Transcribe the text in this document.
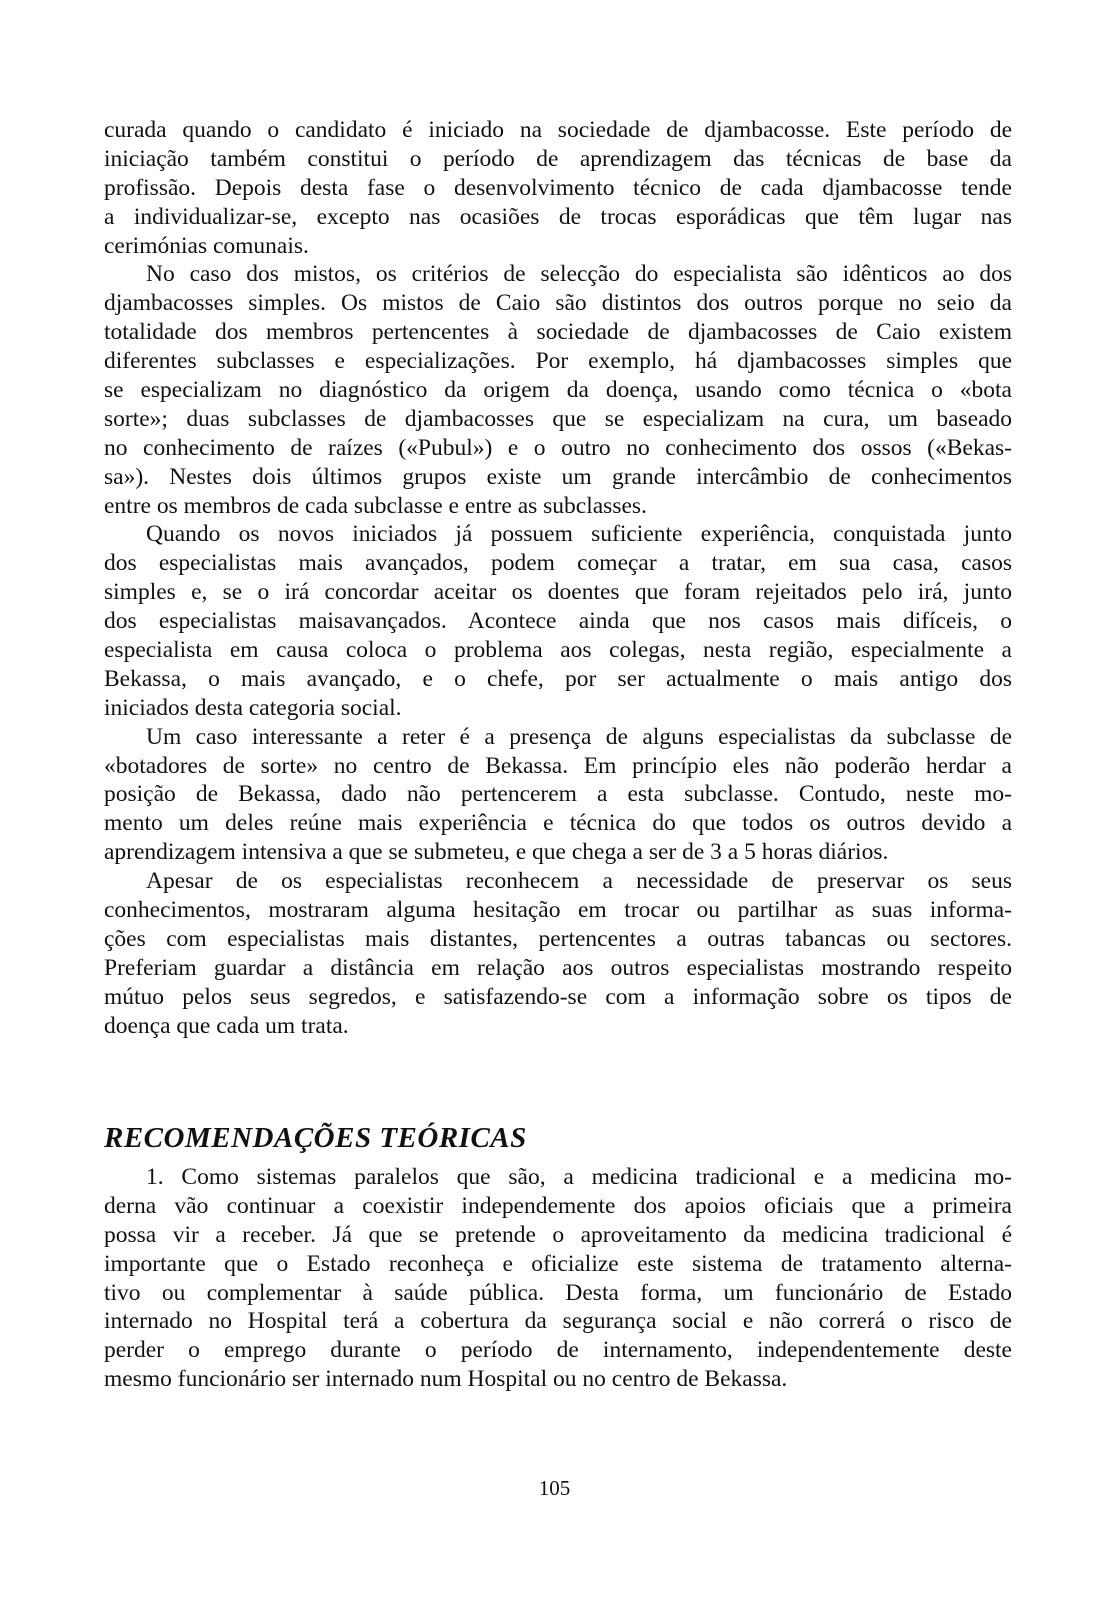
curada quando o candidato é iniciado na sociedade de djambacosse. Este período de
iniciação também constitui o período de aprendizagem das técnicas de base da
profissão. Depois desta fase o desenvolvimento técnico de cada djambacosse tende
a individualizar-se, excepto nas ocasiões de trocas esporádicas que têm lugar nas
cerimónias comunais.
No caso dos mistos, os critérios de selecção do especialista são idênticos ao dos
djambacosses simples. Os mistos de Caio são distintos dos outros porque no seio da
totalidade dos membros pertencentes à sociedade de djambacosses de Caio existem
diferentes subclasses e especializações. Por exemplo, há djambacosses simples que
se especializam no diagnóstico da origem da doença, usando como técnica o «bota
sorte»; duas subclasses de djambacosses que se especializam na cura, um baseado
no conhecimento de raízes («Pubul») e o outro no conhecimento dos ossos («Bekas-
sa»). Nestes dois últimos grupos existe um grande intercâmbio de conhecimentos
entre os membros de cada subclasse e entre as subclasses.
Quando os novos iniciados já possuem suficiente experiência, conquistada junto
dos especialistas mais avançados, podem começar a tratar, em sua casa, casos
simples e, se o irá concordar aceitar os doentes que foram rejeitados pelo irá, junto
dos especialistas maisavançados. Acontece ainda que nos casos mais difíceis, o
especialista em causa coloca o problema aos colegas, nesta região, especialmente a
Bekassa, o mais avançado, e o chefe, por ser actualmente o mais antigo dos
iniciados desta categoria social.
Um caso interessante a reter é a presença de alguns especialistas da subclasse de
«botadores de sorte» no centro de Bekassa. Em princípio eles não poderão herdar a
posição de Bekassa, dado não pertencerem a esta subclasse. Contudo, neste mo-
mento um deles reúne mais experiência e técnica do que todos os outros devido a
aprendizagem intensiva a que se submeteu, e que chega a ser de 3 a 5 horas diários.
Apesar de os especialistas reconhecem a necessidade de preservar os seus
conhecimentos, mostraram alguma hesitação em trocar ou partilhar as suas informa-
ções com especialistas mais distantes, pertencentes a outras tabancas ou sectores.
Preferiam guardar a distância em relação aos outros especialistas mostrando respeito
mútuo pelos seus segredos, e satisfazendo-se com a informação sobre os tipos de
doença que cada um trata.
RECOMENDAÇÕES TEÓRICAS
1. Como sistemas paralelos que são, a medicina tradicional e a medicina mo-
derna vão continuar a coexistir independemente dos apoios oficiais que a primeira
possa vir a receber. Já que se pretende o aproveitamento da medicina tradicional é
importante que o Estado reconheça e oficialize este sistema de tratamento alterna-
tivo ou complementar à saúde pública. Desta forma, um funcionário de Estado
internado no Hospital terá a cobertura da segurança social e não correrá o risco de
perder o emprego durante o período de internamento, independentemente deste
mesmo funcionário ser internado num Hospital ou no centro de Bekassa.
105
